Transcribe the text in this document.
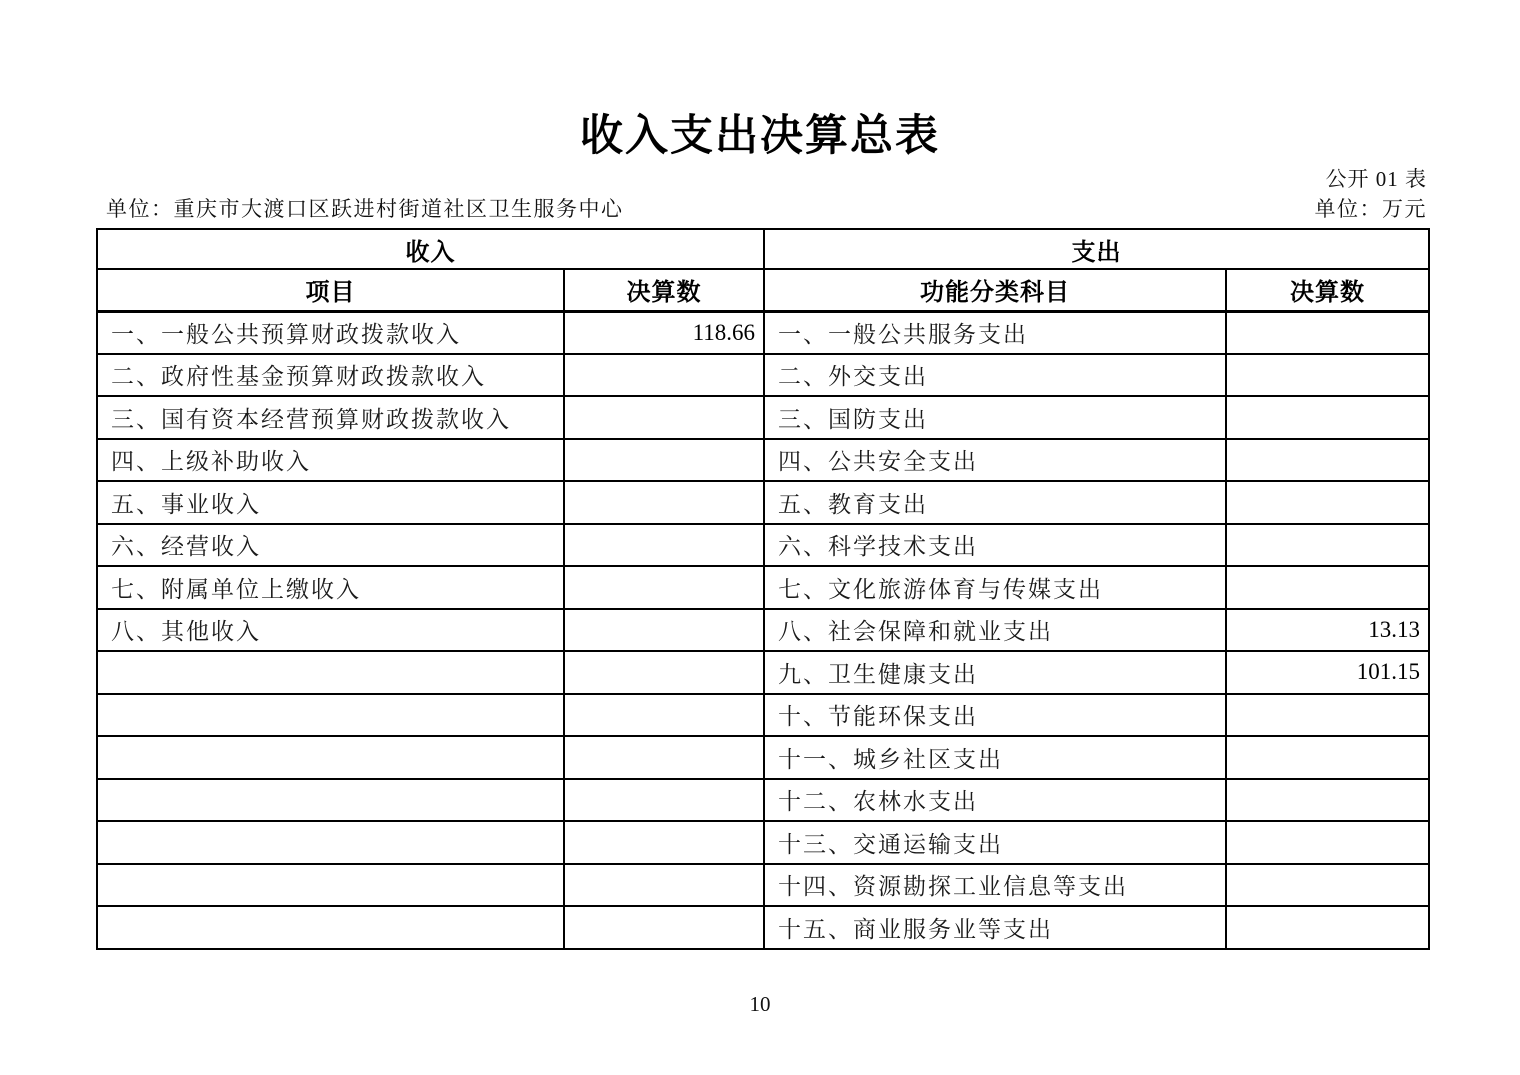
收入支出决算总表
公开 01 表
单位：重庆市大渡口区跃进村街道社区卫生服务中心	单位：万元
收入		支出	
项目	决算数	功能分类科目	决算数
一、一般公共预算财政拨款收入	118.66	一、一般公共服务支出	
二、政府性基金预算财政拨款收入		二、外交支出	
三、国有资本经营预算财政拨款收入		三、国防支出	
四、上级补助收入		四、公共安全支出	
五、事业收入		五、教育支出	
六、经营收入		六、科学技术支出	
七、附属单位上缴收入		七、文化旅游体育与传媒支出	
八、其他收入		八、社会保障和就业支出	13.13
		九、卫生健康支出	101.15
		十、节能环保支出	
		十一、城乡社区支出	
		十二、农林水支出	
		十三、交通运输支出	
		十四、资源勘探工业信息等支出	
		十五、商业服务业等支出	
10
